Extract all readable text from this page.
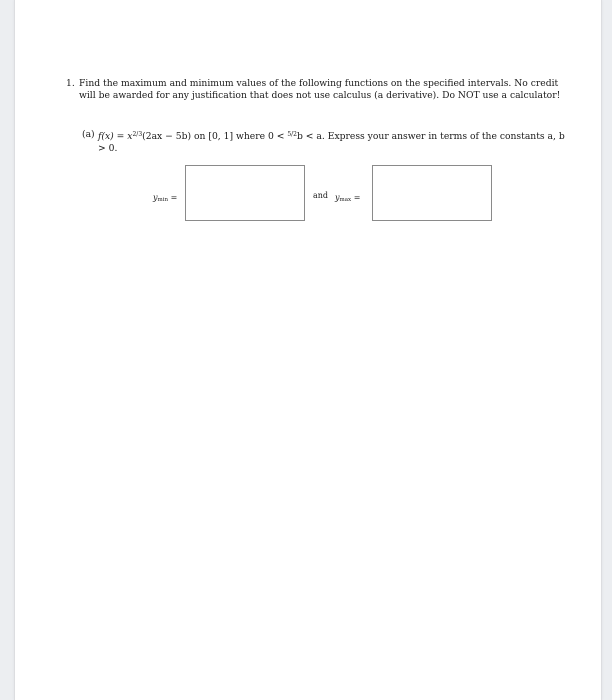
1. Find the maximum and minimum values of the following functions on the specified intervals. No credit will be awarded for any justification that does not use calculus (a derivative). Do NOT use a calculator!
(a) $f(x) = x^{2/3}(2ax - 5b)$ on [0, 1] where 0 < $^{5/2}$b < a. Express your answer in terms of the constants a, b > 0.
$y_{min}$ =	and $y_{max}$ =
